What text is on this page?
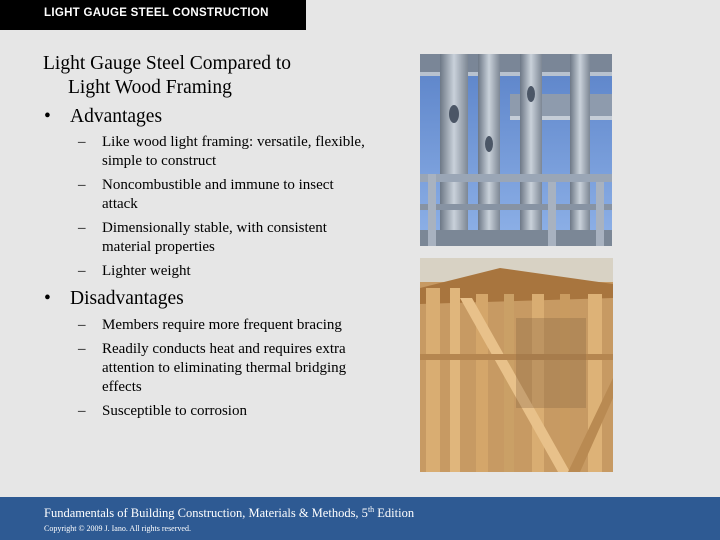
LIGHT GAUGE STEEL CONSTRUCTION
Light Gauge Steel Compared to
Light Wood Framing
• Advantages
– Like wood light framing: versatile, flexible, simple to construct
– Noncombustible and immune to insect attack
– Dimensionally stable, with consistent material properties
– Lighter weight
• Disadvantages
– Members require more frequent bracing
– Readily conducts heat and requires extra attention to eliminating thermal bridging effects
– Susceptible to corrosion
Fundamentals of Building Construction, Materials & Methods, 5th Edition
Copyright © 2009 J. Iano. All rights reserved.
